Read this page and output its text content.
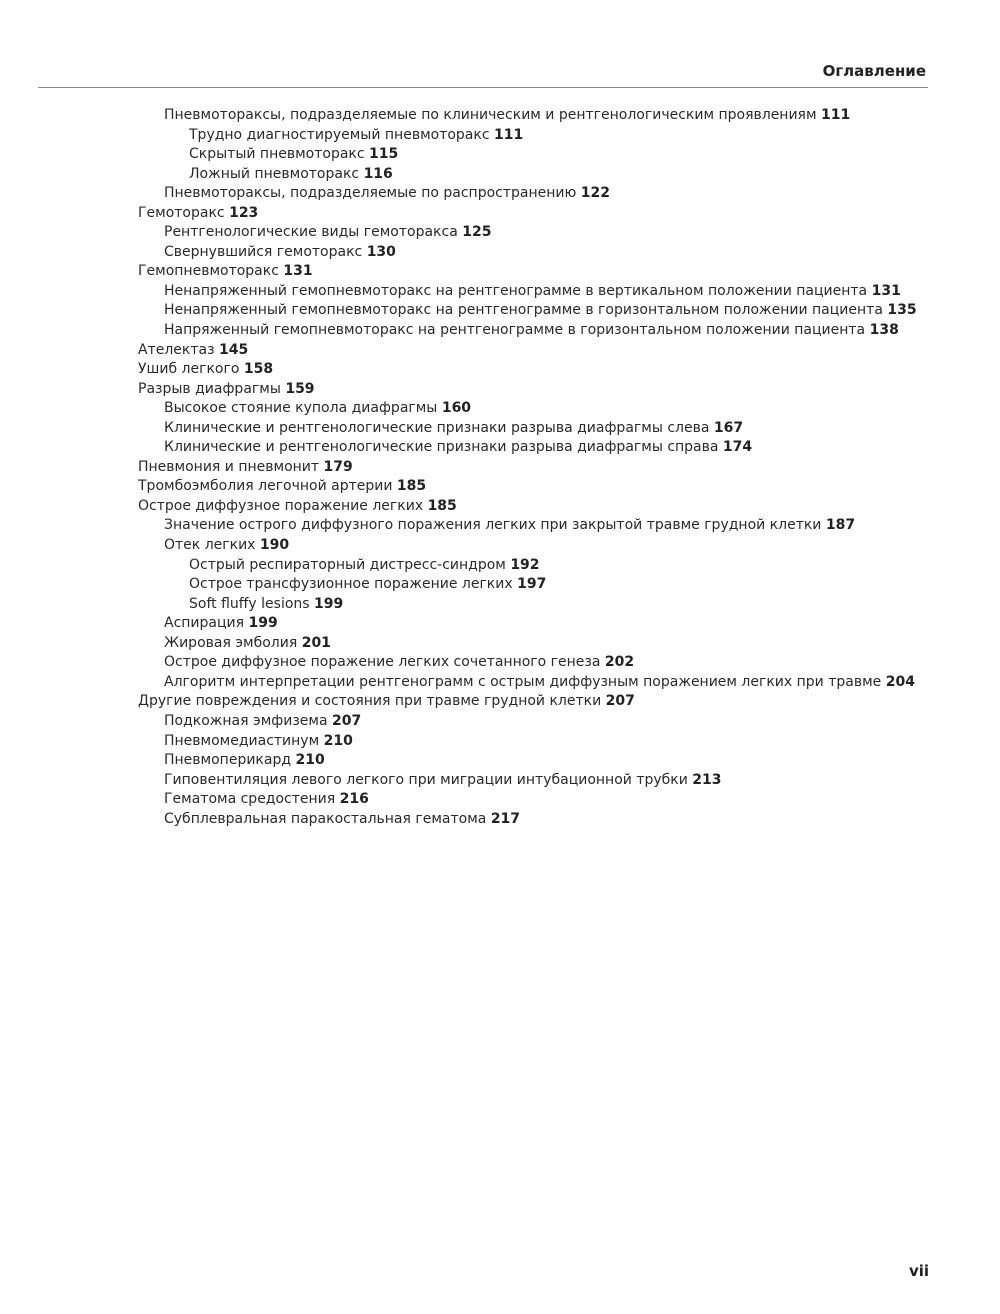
Оглавление
Пневмотораксы, подразделяемые по клиническим и рентгенологическим проявлениям 111
Трудно диагностируемый пневмоторакс 111
Скрытый пневмоторакс 115
Ложный пневмоторакс 116
Пневмотораксы, подразделяемые по распространению 122
Гемоторакс 123
Рентгенологические виды гемоторакса 125
Свернувшийся гемоторакс 130
Гемопневмоторакс 131
Ненапряженный гемопневмоторакс на рентгенограмме в вертикальном положении пациента 131
Ненапряженный гемопневмоторакс на рентгенограмме в горизонтальном положении пациента 135
Напряженный гемопневмоторакс на рентгенограмме в горизонтальном положении пациента 138
Ателектаз 145
Ушиб легкого 158
Разрыв диафрагмы 159
Высокое стояние купола диафрагмы 160
Клинические и рентгенологические признаки разрыва диафрагмы слева 167
Клинические и рентгенологические признаки разрыва диафрагмы справа 174
Пневмония и пневмонит 179
Тромбоэмболия легочной артерии 185
Острое диффузное поражение легких 185
Значение острого диффузного поражения легких при закрытой травме грудной клетки 187
Отек легких 190
Острый респираторный дистресс-синдром 192
Острое трансфузионное поражение легких 197
Soft fluffy lesions 199
Аспирация 199
Жировая эмболия 201
Острое диффузное поражение легких сочетанного генеза 202
Алгоритм интерпретации рентгенограмм с острым диффузным поражением легких при травме 204
Другие повреждения и состояния при травме грудной клетки 207
Подкожная эмфизема 207
Пневмомедиастинум 210
Пневмоперикард 210
Гиповентиляция левого легкого при миграции интубационной трубки 213
Гематома средостения 216
Субплевральная паракостальная гематома 217
vii
